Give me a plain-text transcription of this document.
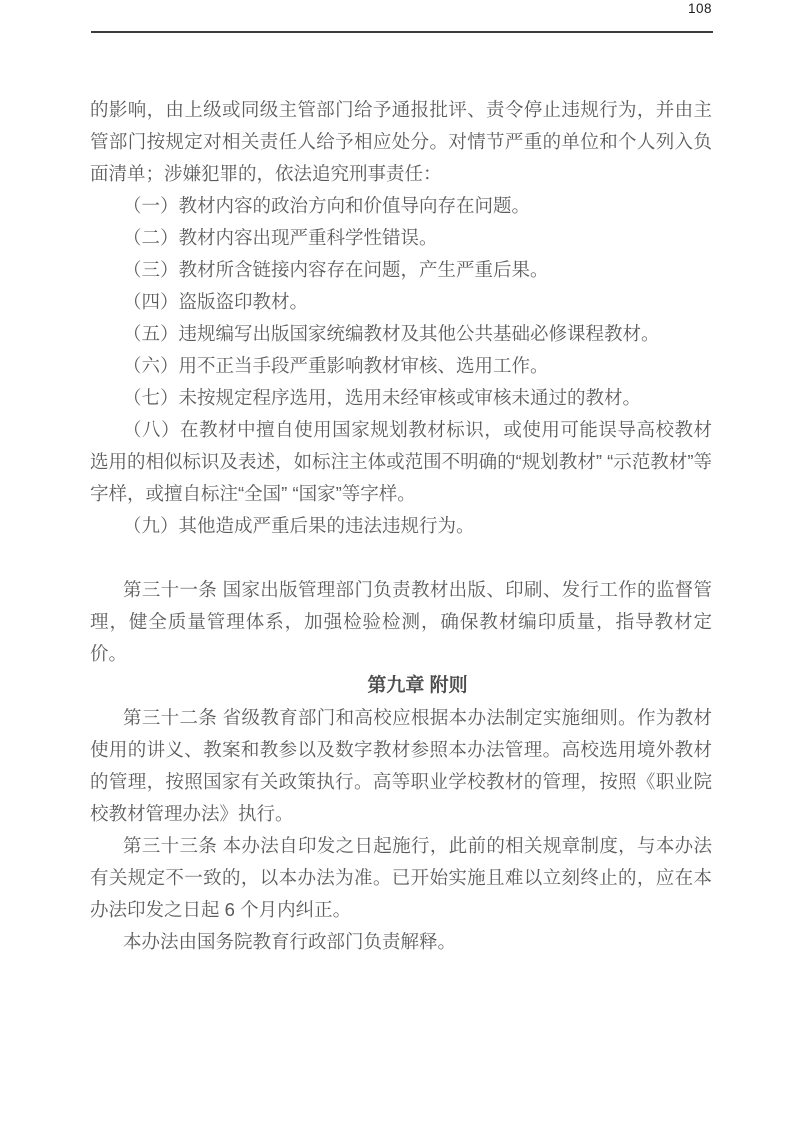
108

的影响，由上级或同级主管部门给予通报批评、责令停止违规行为，并由主管部门按规定对相关责任人给予相应处分。对情节严重的单位和个人列入负面清单；涉嫌犯罪的，依法追究刑事责任：

（一）教材内容的政治方向和价值导向存在问题。

（二）教材内容出现严重科学性错误。

（三）教材所含链接内容存在问题，产生严重后果。

（四）盗版盗印教材。

（五）违规编写出版国家统编教材及其他公共基础必修课程教材。

（六）用不正当手段严重影响教材审核、选用工作。

（七）未按规定程序选用，选用未经审核或审核未通过的教材。

（八）在教材中擅自使用国家规划教材标识，或使用可能误导高校教材选用的相似标识及表述，如标注主体或范围不明确的“规划教材” “示范教材”等字样，或擅自标注“全国” “国家”等字样。

（九）其他造成严重后果的违法违规行为。

第三十一条 国家出版管理部门负责教材出版、印刷、发行工作的监督管理，健全质量管理体系，加强检验检测，确保教材编印质量，指导教材定价。

第九章 附则

第三十二条 省级教育部门和高校应根据本办法制定实施细则。作为教材使用的讲义、教案和教参以及数字教材参照本办法管理。高校选用境外教材的管理，按照国家有关政策执行。高等职业学校教材的管理，按照《职业院校教材管理办法》执行。

第三十三条 本办法自印发之日起施行，此前的相关规章制度，与本办法有关规定不一致的，以本办法为准。已开始实施且难以立刻终止的，应在本办法印发之日起 6 个月内纠正。

本办法由国务院教育行政部门负责解释。
